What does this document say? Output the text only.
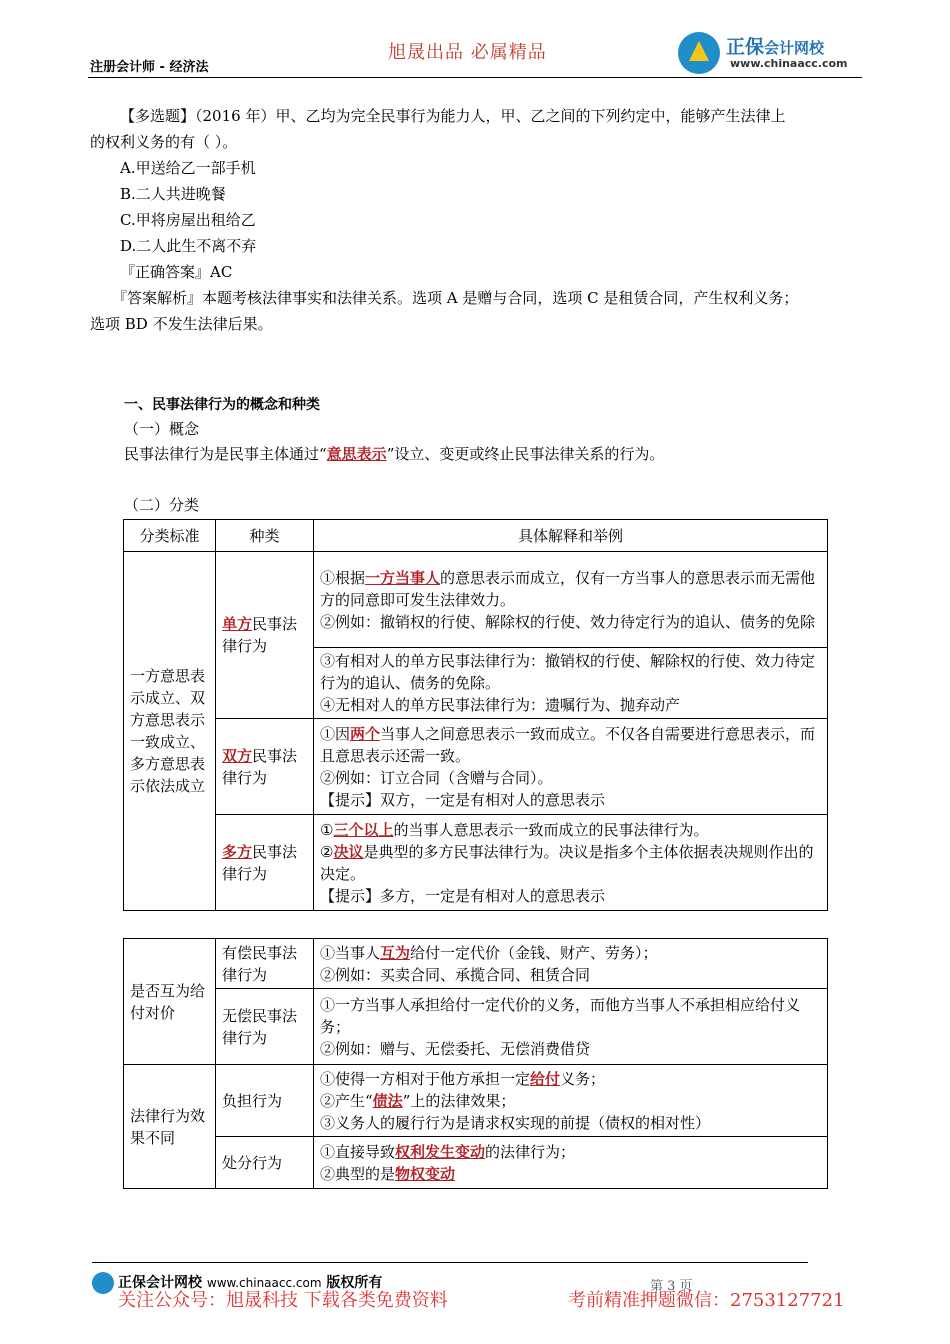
注册会计师 - 经济法
旭晟出品 必属精品	正保会计网校
www.chinaacc.com
【多选题】（2016 年）甲、乙均为完全民事行为能力人，甲、乙之间的下列约定中，能够产生法律上
的权利义务的有（ ）。
A.甲送给乙一部手机
B.二人共进晚餐
C.甲将房屋出租给乙
D.二人此生不离不弃
『正确答案』AC
『答案解析』本题考核法律事实和法律关系。选项 A 是赠与合同，选项 C 是租赁合同，产生权利义务；
选项 BD 不发生法律后果。
一、民事法律行为的概念和种类
（一）概念
民事法律行为是民事主体通过“意思表示”设立、变更或终止民事法律关系的行为。
（二）分类
分类标准	种类	具体解释和举例
一方意思表示成立、双方意思表示一致成立、多方意思表示依法成立	单方民事法律行为	①根据一方当事人的意思表示而成立，仅有一方当事人的意思表示而无需他方的同意即可发生法律效力。
②例如：撤销权的行使、解除权的行使、效力待定行为的追认、债务的免除

		③有相对人的单方民事法律行为：撤销权的行使、解除权的行使、效力待定行为的追认、债务的免除。
④无相对人的单方民事法律行为：遗嘱行为、抛弃动产

	双方民事法律行为	①因两个当事人之间意思表示一致而成立。不仅各自需要进行意思表示，而且意思表示还需一致。
②例如：订立合同（含赠与合同）。
【提示】双方，一定是有相对人的意思表示

	多方民事法律行为	①三个以上的当事人意思表示一致而成立的民事法律行为。
②决议是典型的多方民事法律行为。决议是指多个主体依据表决规则作出的决定。
【提示】多方，一定是有相对人的意思表示
是否互为给付对价	有偿民事法律行为	①当事人互为给付一定代价（金钱、财产、劳务）；
②例如：买卖合同、承揽合同、租赁合同

	无偿民事法律行为	①一方当事人承担给付一定代价的义务，而他方当事人不承担相应给付义务；
②例如：赠与、无偿委托、无偿消费借贷

法律行为效果不同	负担行为	①使得一方相对于他方承担一定给付义务；
②产生“债法”上的法律效果；
③义务人的履行行为是请求权实现的前提（债权的相对性）

	处分行为	①直接导致权利发生变动的法律行为；
②典型的是物权变动
正保会计网校 www.chinaacc.com 版权所有	第 3 页
关注公众号：旭晟科技 下载各类免费资料	考前精准押题微信：2753127721
